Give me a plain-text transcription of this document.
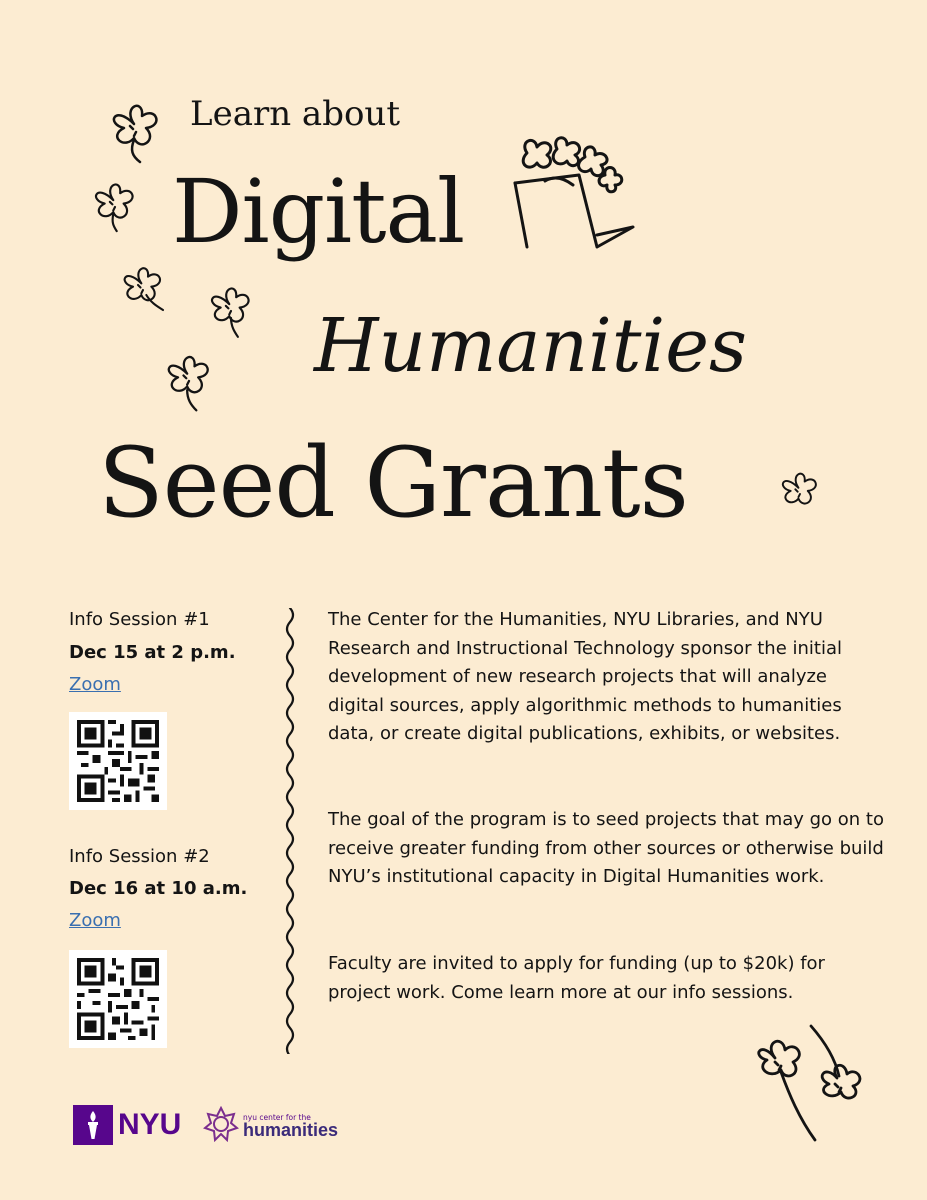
Learn about
Digital
Humanities
Seed Grants
Info Session #1
Dec 15 at 2 p.m.
Zoom
Info Session #2
Dec 16 at 10 a.m.
Zoom
The Center for the Humanities, NYU Libraries, and NYU Research and Instructional Technology sponsor the initial development of new research projects that will analyze digital sources, apply algorithmic methods to humanities data, or create digital publications, exhibits, or websites.
The goal of the program is to seed projects that may go on to receive greater funding from other sources or otherwise build NYU’s institutional capacity in Digital Humanities work.
Faculty are invited to apply for funding (up to $20k) for project work. Come learn more at our info sessions.
NYU	nyu center for the
humanities
